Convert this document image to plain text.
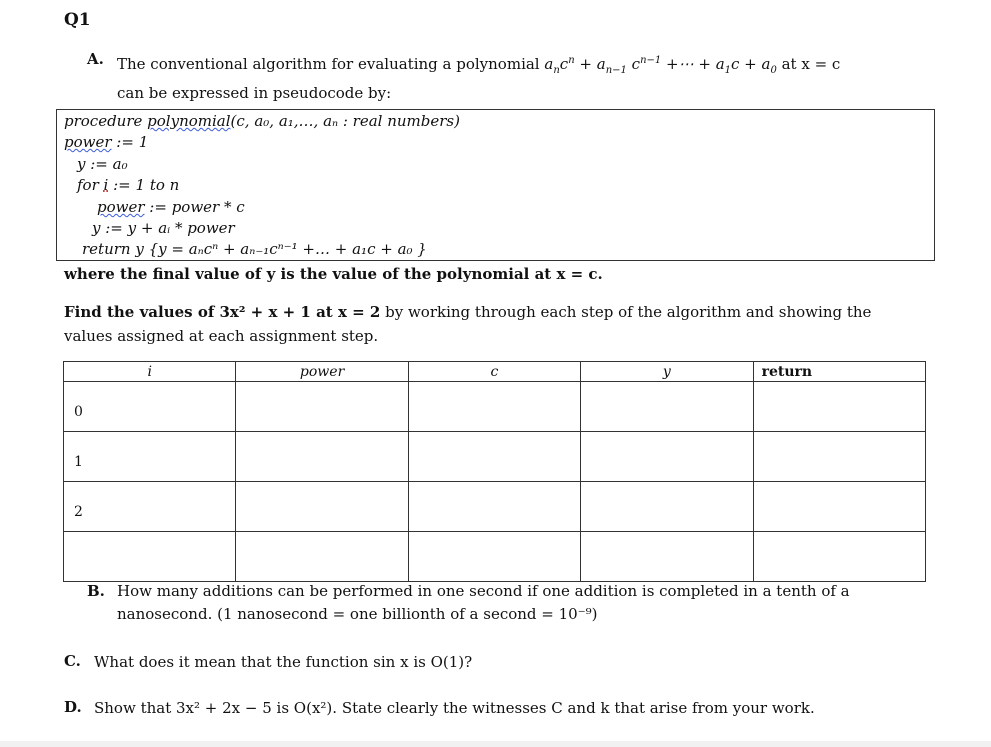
Q1
A. The conventional algorithm for evaluating a polynomial $a_nc^n + a_{n-1}$ $c^{n-1}$ +⋯ + $a_1c + a_0$ at x = c
can be expressed in pseudocode by:
procedure polynomial(c, a₀, a₁,…, aₙ : real numbers)
power := 1
y := a₀
for i := 1 to n
power := power * c
y := y + aᵢ * power
return y {y = aₙcⁿ + aₙ₋₁cⁿ⁻¹ +… + a₁c + a₀ }
where the final value of y is the value of the polynomial at x = c.
Find the values of 3x² + x + 1 at x = 2 by working through each step of the algorithm and showing the values assigned at each assignment step.
i	power	c	y	return
0				
1				
2				

B. How many additions can be performed in one second if one addition is completed in a tenth of a nanosecond. (1 nanosecond = one billionth of a second = 10⁻⁹)
C. What does it mean that the function sin x is O(1)?
D. Show that 3x² + 2x − 5 is O(x²). State clearly the witnesses C and k that arise from your work.
